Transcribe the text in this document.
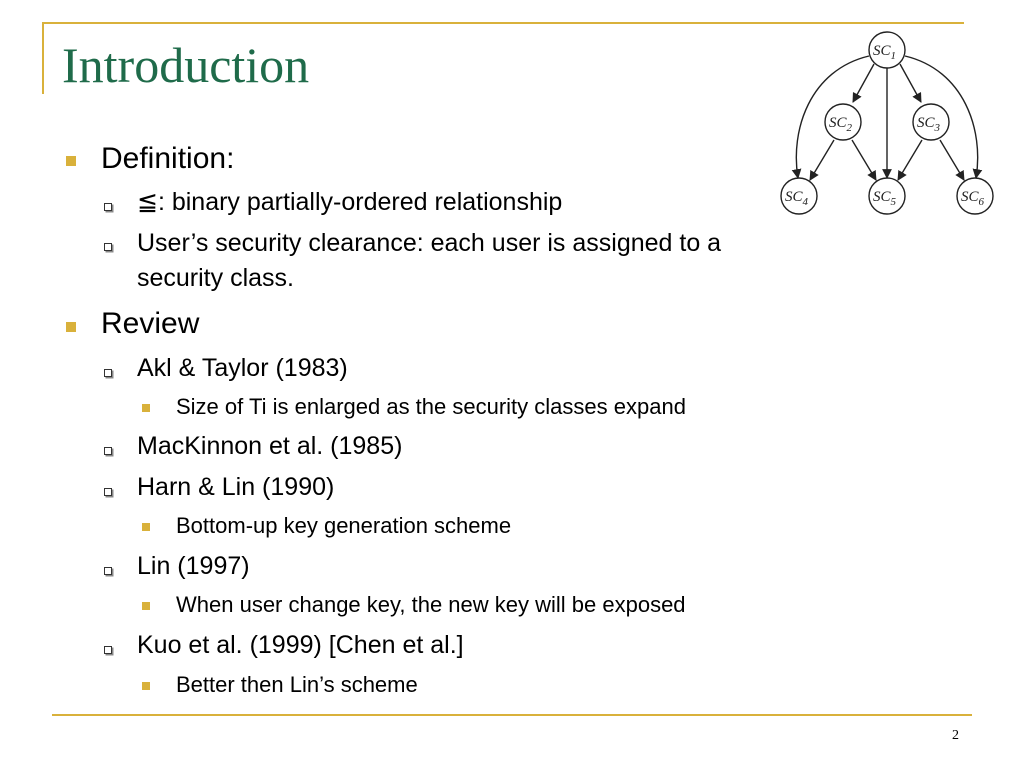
Introduction	$SC_1$
$SC_2$	$SC_3$
$SC_4$	$SC_5$	$SC_6$
Definition:
≦: binary partially-ordered relationship
User’s security clearance: each user is assigned to a
security class.
Review
Akl & Taylor (1983)
Size of Ti is enlarged as the security classes expand
MacKinnon et al. (1985)
Harn & Lin (1990)
Bottom-up key generation scheme
Lin (1997)
When user change key, the new key will be exposed
Kuo et al. (1999) [Chen et al.]
Better then Lin’s scheme
2
